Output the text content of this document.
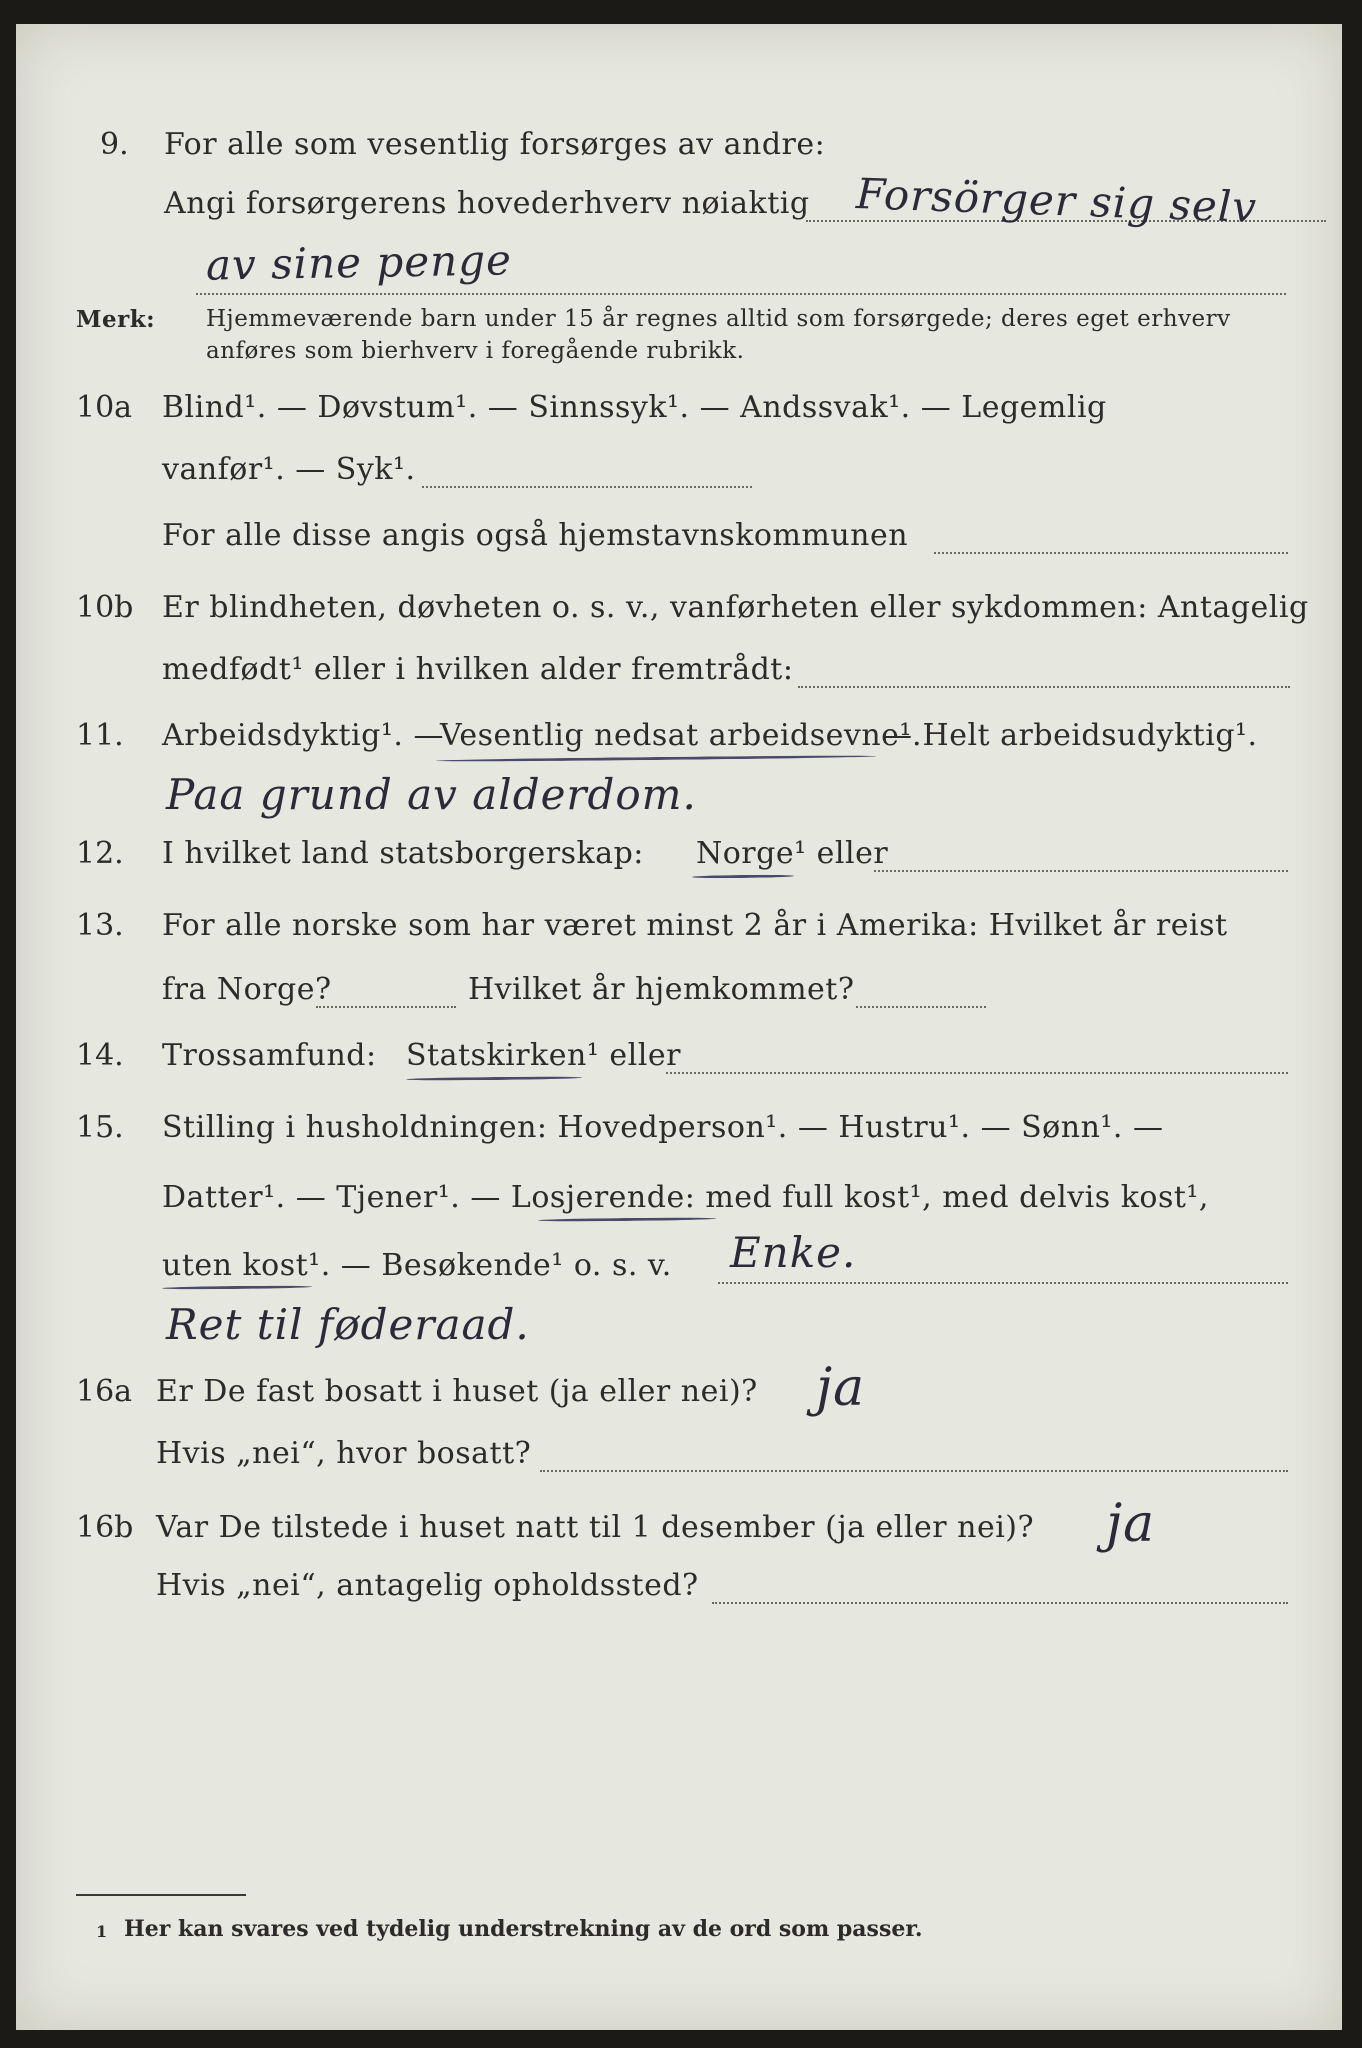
9. For alle som vesentlig forsørges av andre:
Angi forsørgerens hovederhverv nøiaktig Forsörger sig selv
av sine penge
Merk: Hjemmeværende barn under 15 år regnes alltid som forsørgede; deres eget erhverv
anføres som bierhverv i foregående rubrikk.
10a Blind¹. — Døvstum¹. — Sinnssyk¹. — Andssvak¹. — Legemlig
vanfør¹. — Syk¹.
For alle disse angis også hjemstavnskommunen
10b Er blindheten, døvheten o. s. v., vanførheten eller sykdommen: Antagelig
medfødt¹ eller i hvilken alder fremtrådt:
11. Arbeidsdyktig¹. —
Vesentlig nedsat arbeidsevne¹.
— Helt arbeidsudyktig¹.
Paa grund av alderdom.
12. I hvilket land statsborgerskap: Norge¹ eller
13. For alle norske som har været minst 2 år i Amerika: Hvilket år reist
fra Norge?	Hvilket år hjemkommet?
14. Trossamfund: Statskirken¹ eller
15. Stilling i husholdningen: Hovedperson¹. — Hustru¹. — Sønn¹. —
Datter¹. — Tjener¹. — Losjerende: med full kost¹, med delvis kost¹,
uten kost¹. — Besøkende¹ o. s. v. Enke.
Ret til føderaad.
16a Er De fast bosatt i huset (ja eller nei)? ja
Hvis „nei“, hvor bosatt?
16b Var De tilstede i huset natt til 1 desember (ja eller nei)? ja
Hvis „nei“, antagelig opholdssted?
1 Her kan svares ved tydelig understrekning av de ord som passer.
